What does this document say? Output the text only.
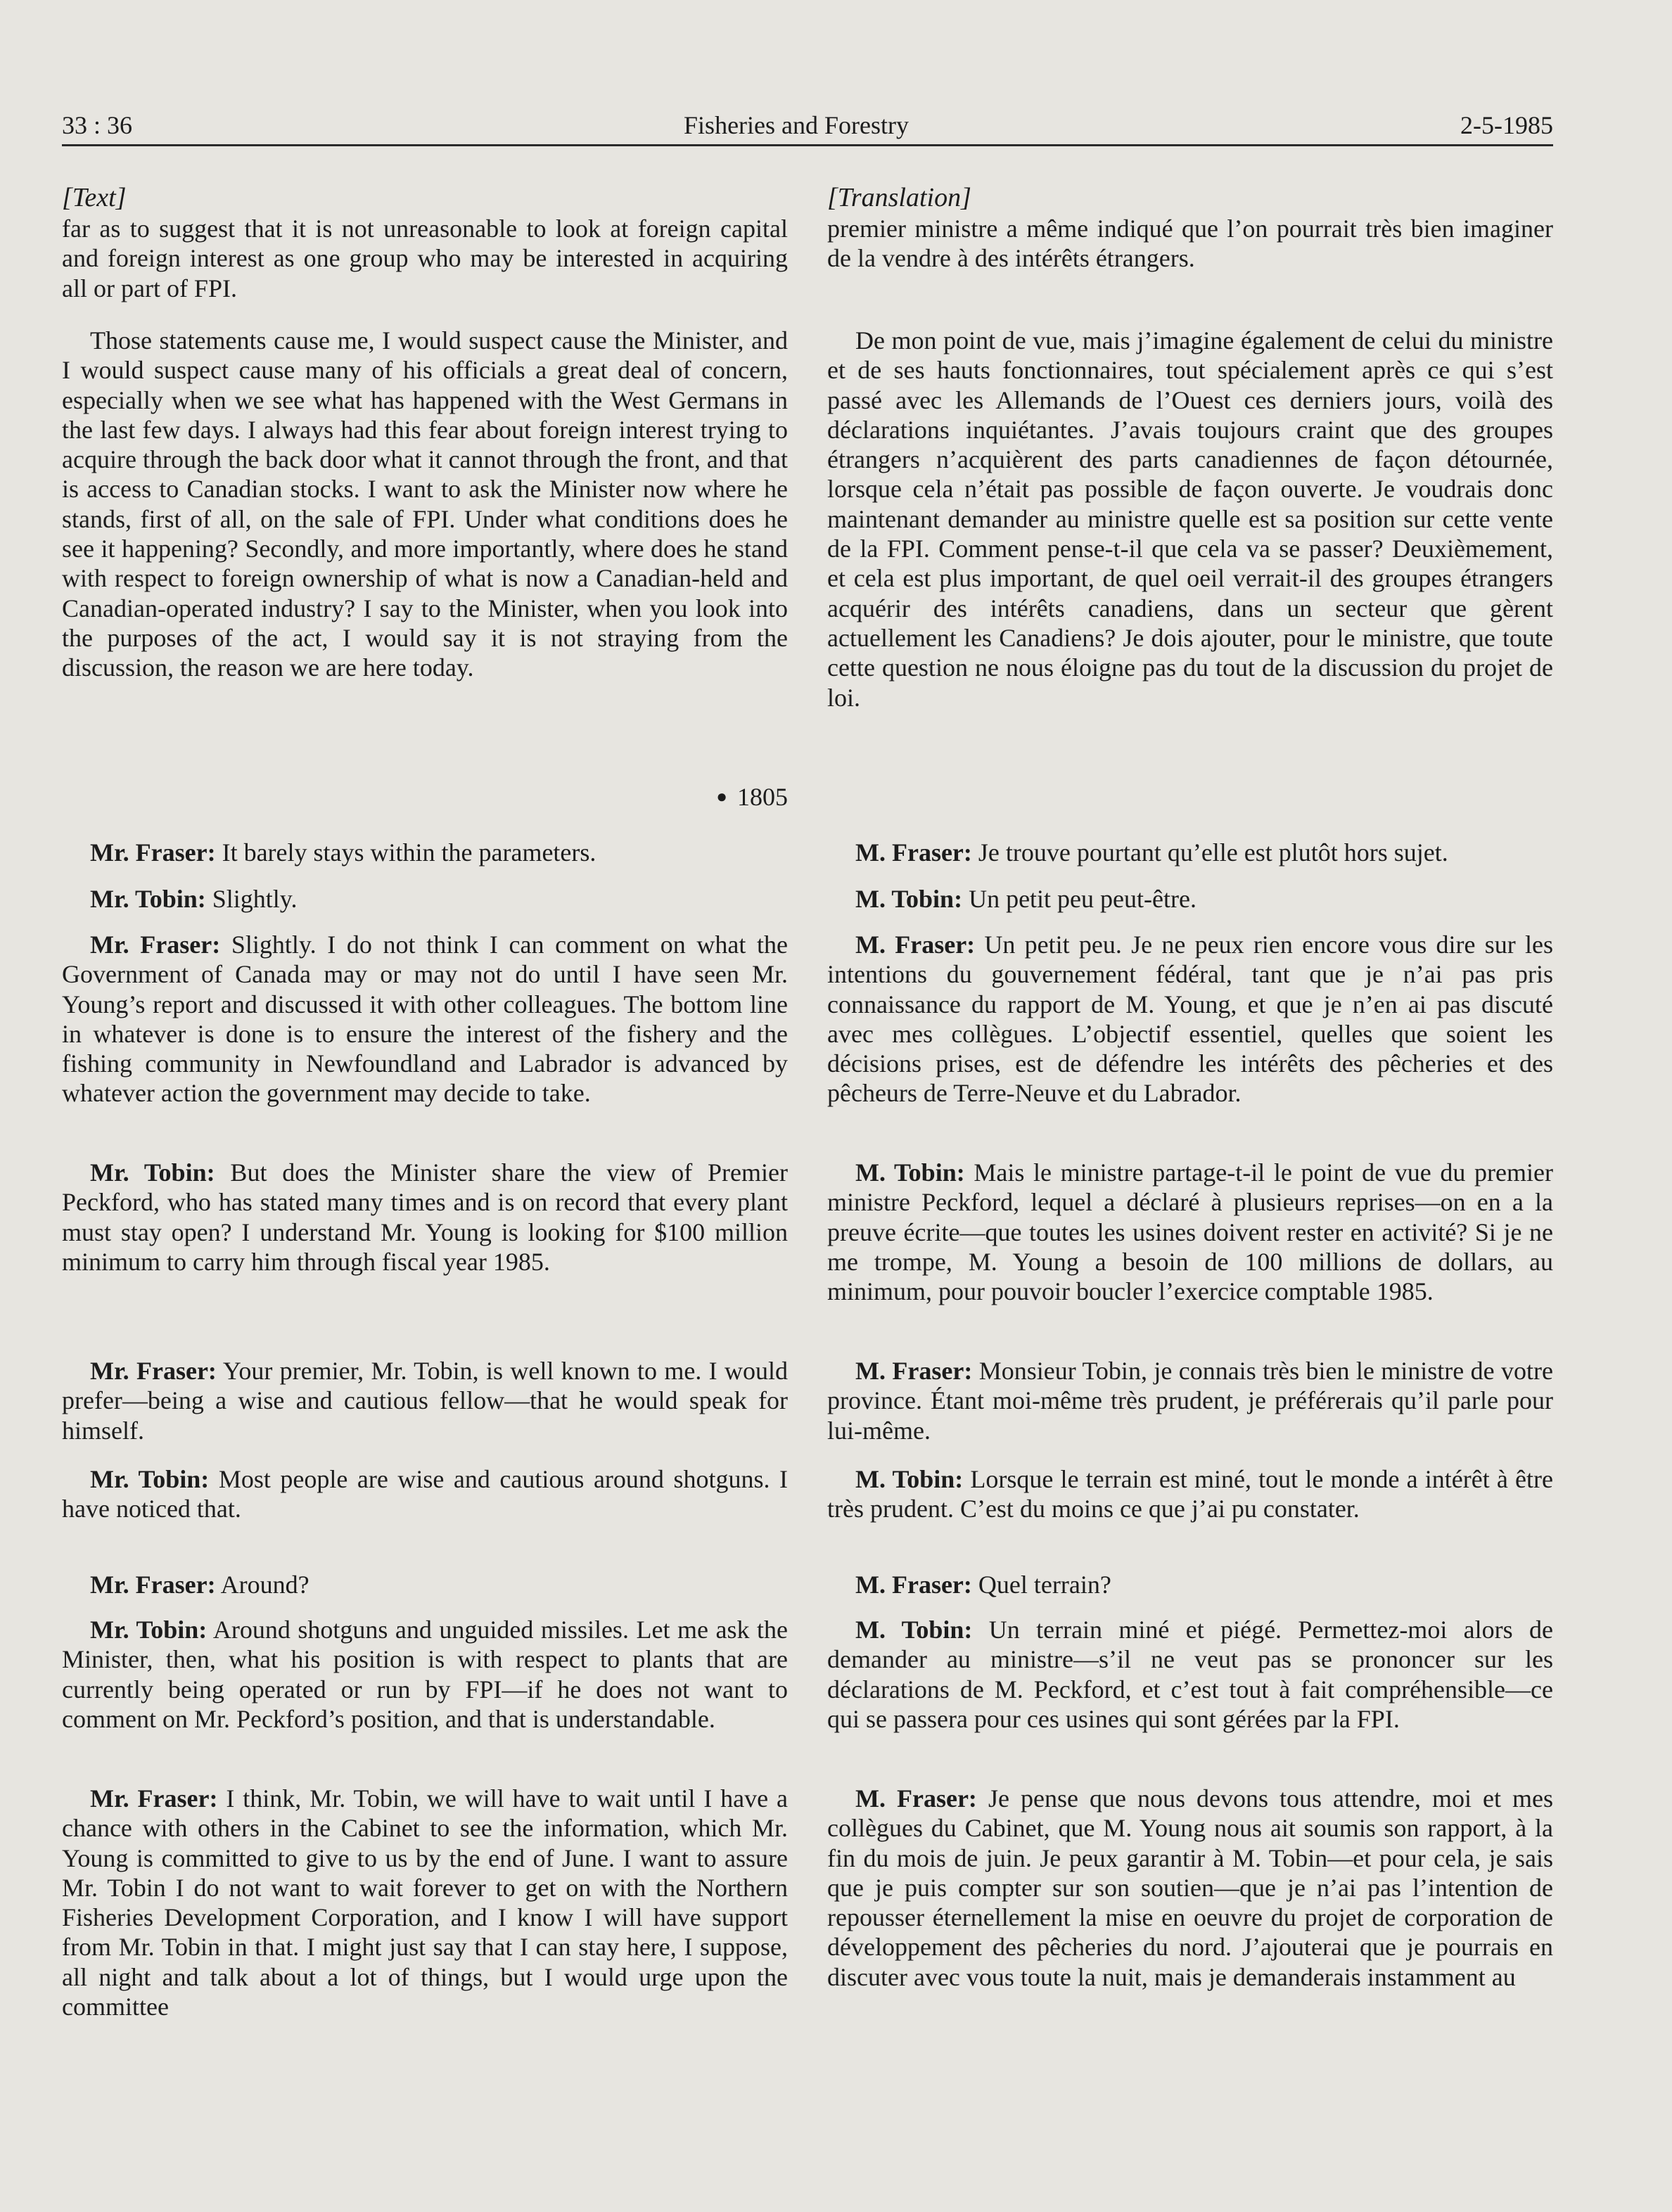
33 : 36	Fisheries and Forestry	2-5-1985
[Text]

far as to suggest that it is not unreasonable to look at foreign capital and foreign interest as one group who may be interested in acquiring all or part of FPI.

Those statements cause me, I would suspect cause the Minister, and I would suspect cause many of his officials a great deal of concern, especially when we see what has happened with the West Germans in the last few days. I always had this fear about foreign interest trying to acquire through the back door what it cannot through the front, and that is access to Canadian stocks. I want to ask the Minister now where he stands, first of all, on the sale of FPI. Under what conditions does he see it happening? Secondly, and more importantly, where does he stand with respect to foreign ownership of what is now a Canadian-held and Canadian-operated industry? I say to the Minister, when you look into the purposes of the act, I would say it is not straying from the discussion, the reason we are here today.

● 1805

Mr. Fraser: It barely stays within the parameters.

Mr. Tobin: Slightly.

Mr. Fraser: Slightly. I do not think I can comment on what the Government of Canada may or may not do until I have seen Mr. Young’s report and discussed it with other colleagues. The bottom line in whatever is done is to ensure the interest of the fishery and the fishing community in Newfoundland and Labrador is advanced by whatever action the government may decide to take.

Mr. Tobin: But does the Minister share the view of Premier Peckford, who has stated many times and is on record that every plant must stay open? I understand Mr. Young is looking for $100 million minimum to carry him through fiscal year 1985.

Mr. Fraser: Your premier, Mr. Tobin, is well known to me. I would prefer—being a wise and cautious fellow—that he would speak for himself.

Mr. Tobin: Most people are wise and cautious around shotguns. I have noticed that.

Mr. Fraser: Around?

Mr. Tobin: Around shotguns and unguided missiles. Let me ask the Minister, then, what his position is with respect to plants that are currently being operated or run by FPI—if he does not want to comment on Mr. Peckford’s position, and that is understandable.

Mr. Fraser: I think, Mr. Tobin, we will have to wait until I have a chance with others in the Cabinet to see the information, which Mr. Young is committed to give to us by the end of June. I want to assure Mr. Tobin I do not want to wait forever to get on with the Northern Fisheries Development Corporation, and I know I will have support from Mr. Tobin in that. I might just say that I can stay here, I suppose, all night and talk about a lot of things, but I would urge upon the committee

[Translation]

premier ministre a même indiqué que l’on pourrait très bien imaginer de la vendre à des intérêts étrangers.

De mon point de vue, mais j’imagine également de celui du ministre et de ses hauts fonctionnaires, tout spécialement après ce qui s’est passé avec les Allemands de l’Ouest ces derniers jours, voilà des déclarations inquiétantes. J’avais toujours craint que des groupes étrangers n’acquièrent des parts canadiennes de façon détournée, lorsque cela n’était pas possible de façon ouverte. Je voudrais donc maintenant demander au ministre quelle est sa position sur cette vente de la FPI. Comment pense-t-il que cela va se passer? Deuxièmement, et cela est plus important, de quel oeil verrait-il des groupes étrangers acquérir des intérêts canadiens, dans un secteur que gèrent actuellement les Canadiens? Je dois ajouter, pour le ministre, que toute cette question ne nous éloigne pas du tout de la discussion du projet de loi.

M. Fraser: Je trouve pourtant qu’elle est plutôt hors sujet.

M. Tobin: Un petit peu peut-être.

M. Fraser: Un petit peu. Je ne peux rien encore vous dire sur les intentions du gouvernement fédéral, tant que je n’ai pas pris connaissance du rapport de M. Young, et que je n’en ai pas discuté avec mes collègues. L’objectif essentiel, quelles que soient les décisions prises, est de défendre les intérêts des pêcheries et des pêcheurs de Terre-Neuve et du Labrador.

M. Tobin: Mais le ministre partage-t-il le point de vue du premier ministre Peckford, lequel a déclaré à plusieurs reprises—on en a la preuve écrite—que toutes les usines doivent rester en activité? Si je ne me trompe, M. Young a besoin de 100 millions de dollars, au minimum, pour pouvoir boucler l’exercice comptable 1985.

M. Fraser: Monsieur Tobin, je connais très bien le ministre de votre province. Étant moi-même très prudent, je préférerais qu’il parle pour lui-même.

M. Tobin: Lorsque le terrain est miné, tout le monde a intérêt à être très prudent. C’est du moins ce que j’ai pu constater.

M. Fraser: Quel terrain?

M. Tobin: Un terrain miné et piégé. Permettez-moi alors de demander au ministre—s’il ne veut pas se prononcer sur les déclarations de M. Peckford, et c’est tout à fait compréhensible—ce qui se passera pour ces usines qui sont gérées par la FPI.

M. Fraser: Je pense que nous devons tous attendre, moi et mes collègues du Cabinet, que M. Young nous ait soumis son rapport, à la fin du mois de juin. Je peux garantir à M. Tobin—et pour cela, je sais que je puis compter sur son soutien—que je n’ai pas l’intention de repousser éternellement la mise en oeuvre du projet de corporation de développement des pêcheries du nord. J’ajouterai que je pourrais en discuter avec vous toute la nuit, mais je demanderais instamment au
